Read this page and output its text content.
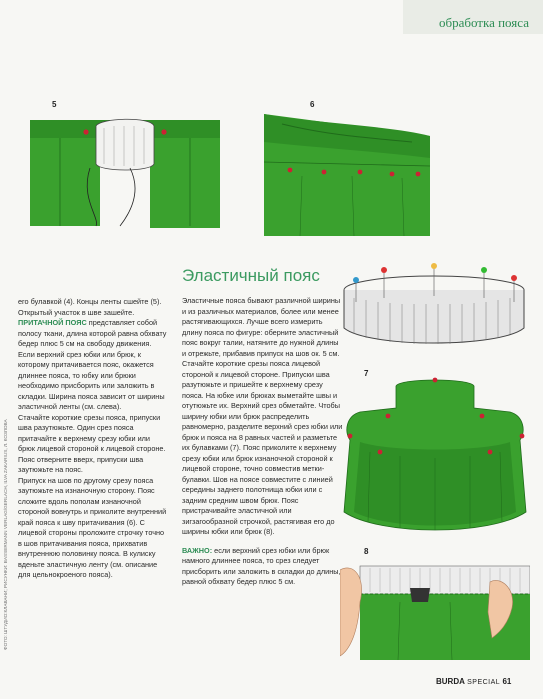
обработка пояса
ФОТО: ШТУДИО:КЛАВАНИ; РИСУНКИ: BASSERMANN VERLAG/GERLACH, ILVA ZAKARIUS, Л. КОЗЛОВА
5	6

его булавкой (4). Концы ленты сшейте (5). Открытый участок в шве зашейте.

ПРИТАЧНОЙ ПОЯС представляет собой полосу ткани, длина которой равна обхвату бедер плюс 5 см на свободу движения. Если верхний срез юбки или брюк, к которому притачивается пояс, окажется длиннее пояса, то юбку или брюки необходимо присборить или заложить в складки. Ширина пояса зависит от ширины эластичной ленты (см. слева).

Стачайте короткие срезы пояса, припуски швa разутюжьте. Один срез пояса притачайте к верхнему срезу юбки или брюк лицевой стороной к лицевой стороне. Пояс отверните вверх, припуски шва заутюжьте на пояс.

Припуск на шов по другому срезу пояса заутюжьте на изнаночную сторону. Пояс сложите вдоль пополам изнаночной стороной вовнутрь и приколите внутренний край пояса к шву притачивания (6). С лицевой стороны проложите строчку точно в шов притачивания пояса, прихватив внутреннюю половинку пояса. В кулиску вденьте эластичную ленту (см. описание для цельнокроеного пояса).

Эластичный пояс

Эластичные пояса бывают различной ширины и из различных материалов, более или менее растягивающихся. Лучше всего измерить длину пояса по фигуре: оберните эластичный пояс вокруг талии, натяните до нужной длины и отрежьте, прибавив припуск на шов ок. 5 см.

Стачайте короткие срезы пояса лицевой стороной к лицевой стороне. Припуски шва разутюжьте и пришейте к верхнему срезу пояса. На юбке или брюках выметайте швы и отутюжьте их. Верхний срез обметайте. Чтобы ширину юбки или брюк распределить равномерно, разделите верхний срез юбки или брюк и пояса на 8 равных частей и разметьте их булавками (7). Пояс приколите к верхнему срезу юбки или брюк изнаночной стороной к лицевой стороне, точно совместив метки-булавки. Шов на поясе совместите с линией середины заднего полотнища юбки или с задним средним швом брюк. Пояс пристрачивайте эластичной или зигзагообразной строчкой, растягивая его до ширины юбки или брюк (8).

ВАЖНО: если верхний срез юбки или брюк намного длиннее пояса, то срез следует присборить или заложить в складки до длины, равной обхвату бедер плюс 5 см.

7
8
BURDA SPECIAL 61
